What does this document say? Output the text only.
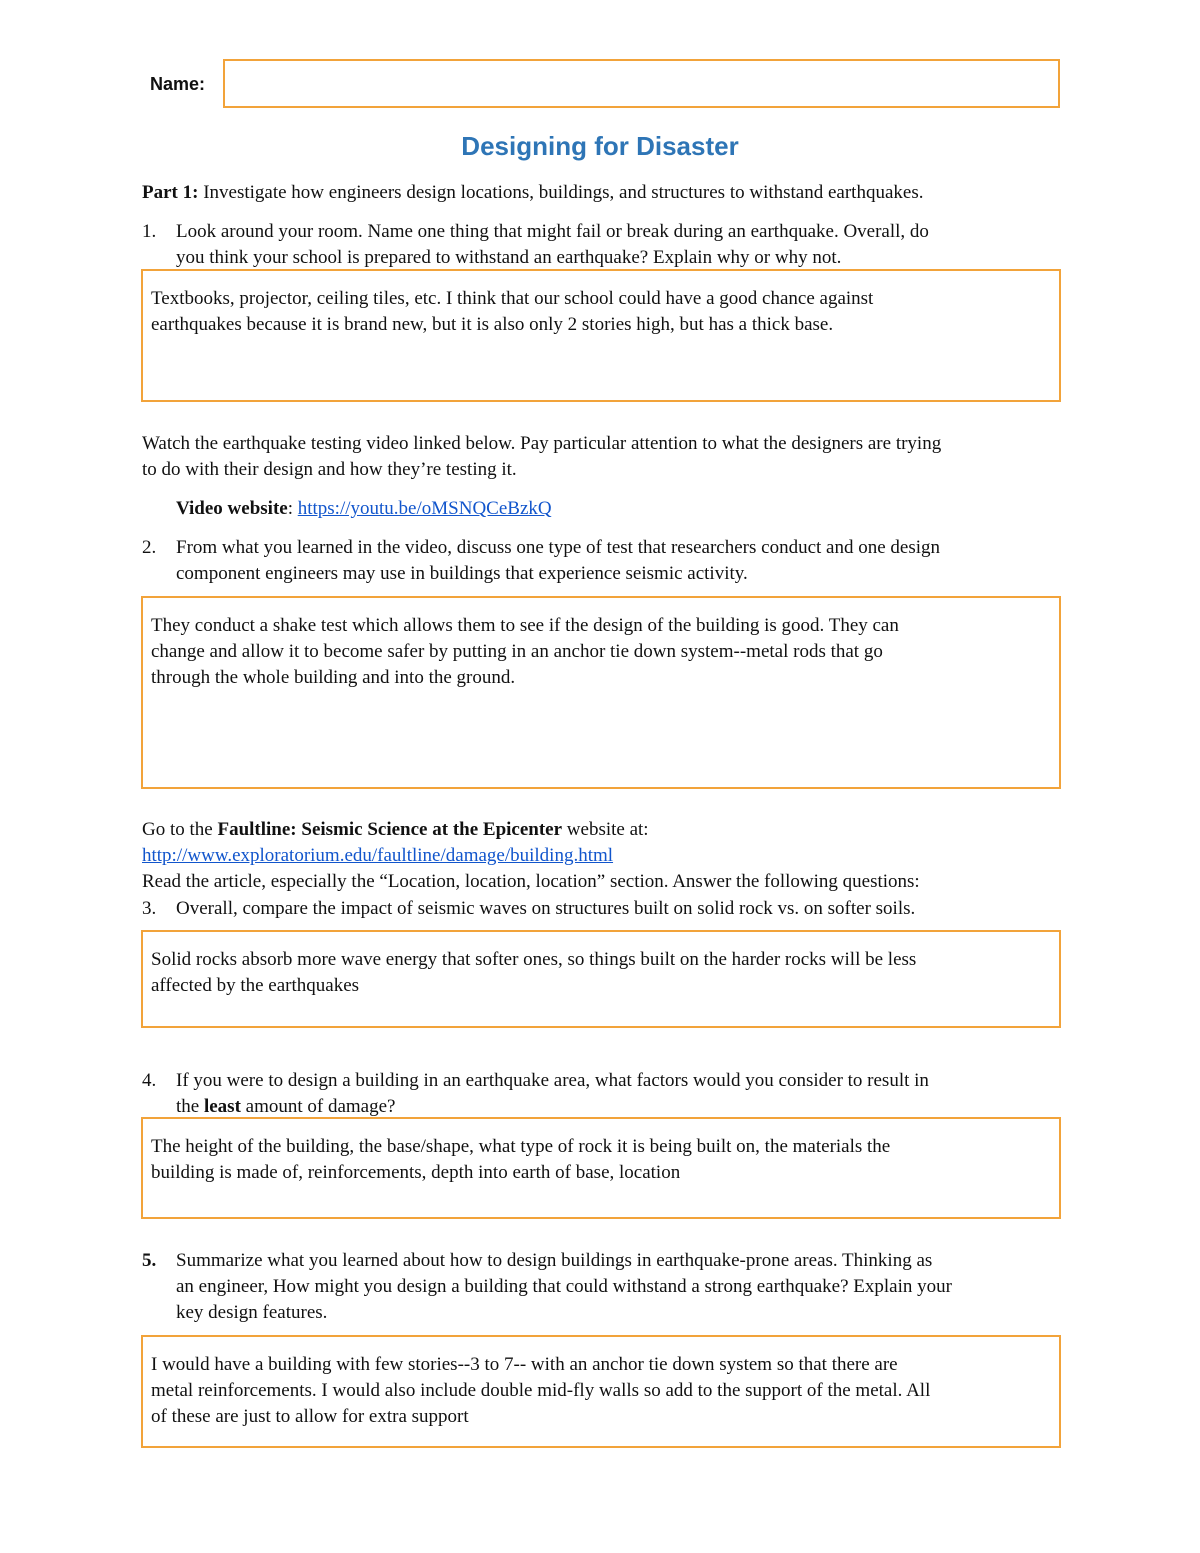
Name:
Designing for Disaster
Part 1: Investigate how engineers design locations, buildings, and structures to withstand earthquakes.
1. Look around your room. Name one thing that might fail or break during an earthquake. Overall, do
you think your school is prepared to withstand an earthquake? Explain why or why not.
Textbooks, projector, ceiling tiles, etc. I think that our school could have a good chance against
earthquakes because it is brand new, but it is also only 2 stories high, but has a thick base.
Watch the earthquake testing video linked below. Pay particular attention to what the designers are trying
to do with their design and how they’re testing it.
Video website: https://youtu.be/oMSNQCeBzkQ
2. From what you learned in the video, discuss one type of test that researchers conduct and one design
component engineers may use in buildings that experience seismic activity.
They conduct a shake test which allows them to see if the design of the building is good. They can
change and allow it to become safer by putting in an anchor tie down system--metal rods that go
through the whole building and into the ground.
Go to the Faultline: Seismic Science at the Epicenter website at:
http://www.exploratorium.edu/faultline/damage/building.html
Read the article, especially the “Location, location, location” section. Answer the following questions:
3. Overall, compare the impact of seismic waves on structures built on solid rock vs. on softer soils.
Solid rocks absorb more wave energy that softer ones, so things built on the harder rocks will be less
affected by the earthquakes
4. If you were to design a building in an earthquake area, what factors would you consider to result in
the least amount of damage?
The height of the building, the base/shape, what type of rock it is being built on, the materials the
building is made of, reinforcements, depth into earth of base, location
5. Summarize what you learned about how to design buildings in earthquake-prone areas. Thinking as
an engineer, How might you design a building that could withstand a strong earthquake? Explain your
key design features.
I would have a building with few stories--3 to 7-- with an anchor tie down system so that there are
metal reinforcements. I would also include double mid-fly walls so add to the support of the metal. All
of these are just to allow for extra support
